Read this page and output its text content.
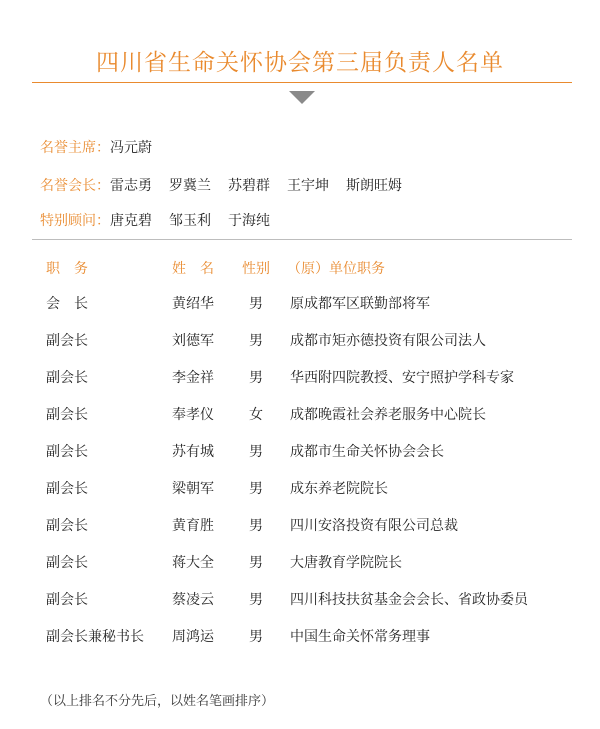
四川省生命关怀协会第三届负责人名单
名誉主席：冯元蔚
名誉会长：雷志勇 罗冀兰 苏碧群 王宇坤 斯朗旺姆
特别顾问：唐克碧 邹玉利 于海纯
职　务	姓　名 性别 （原）单位职务
会　长	黄绍华	男 原成都军区联勤部将军
副会长	刘德军	男 成都市矩亦德投资有限公司法人
副会长	李金祥	男 华西附四院教授、安宁照护学科专家
副会长	奉孝仪	女 成都晚霞社会养老服务中心院长
副会长	苏有城	男 成都市生命关怀协会会长
副会长	梁朝军	男 成东养老院院长
副会长	黄育胜	男 四川安洛投资有限公司总裁
副会长	蒋大全	男 大唐教育学院院长
副会长	蔡凌云	男 四川科技扶贫基金会会长、省政协委员
副会长兼秘书长 周鸿运	男 中国生命关怀常务理事
（以上排名不分先后，以姓名笔画排序）
